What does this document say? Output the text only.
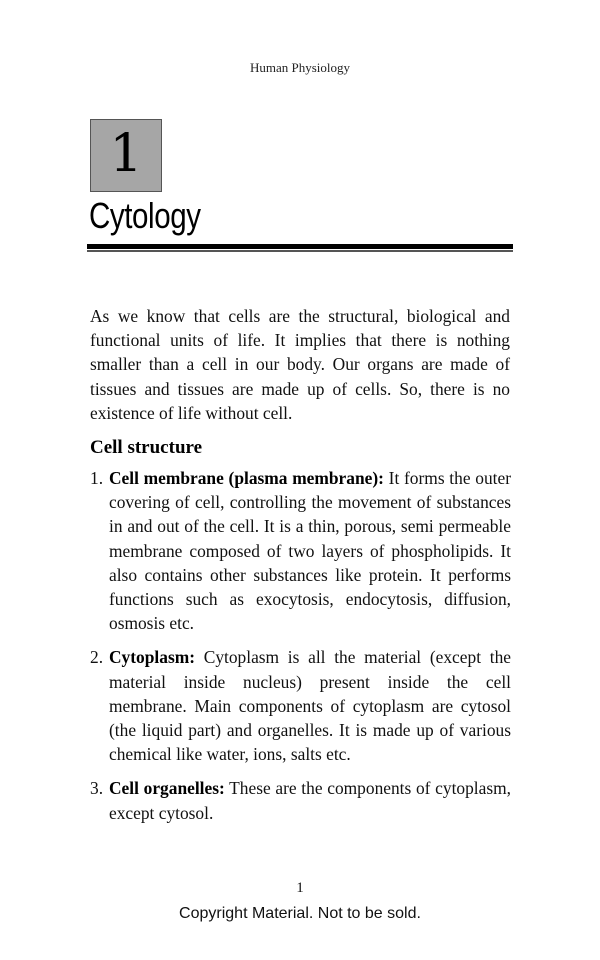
Human Physiology
1
Cytology

As we know that cells are the structural, biological and functional units of life. It implies that there is nothing smaller than a cell in our body. Our organs are made of tissues and tissues are made up of cells. So, there is no existence of life without cell.

Cell structure
1. Cell membrane (plasma membrane): It forms the outer covering of cell, controlling the movement of substances in and out of the cell. It is a thin, porous, semi permeable membrane composed of two layers of phospholipids. It also contains other substances like protein. It performs functions such as exocytosis, endocytosis, diffusion, osmosis etc.
2. Cytoplasm: Cytoplasm is all the material (except the material inside nucleus) present inside the cell membrane. Main components of cytoplasm are cytosol (the liquid part) and organelles. It is made up of various chemical like water, ions, salts etc.
3. Cell organelles: These are the components of cytoplasm, except cytosol.
1
Copyright Material. Not to be sold.
